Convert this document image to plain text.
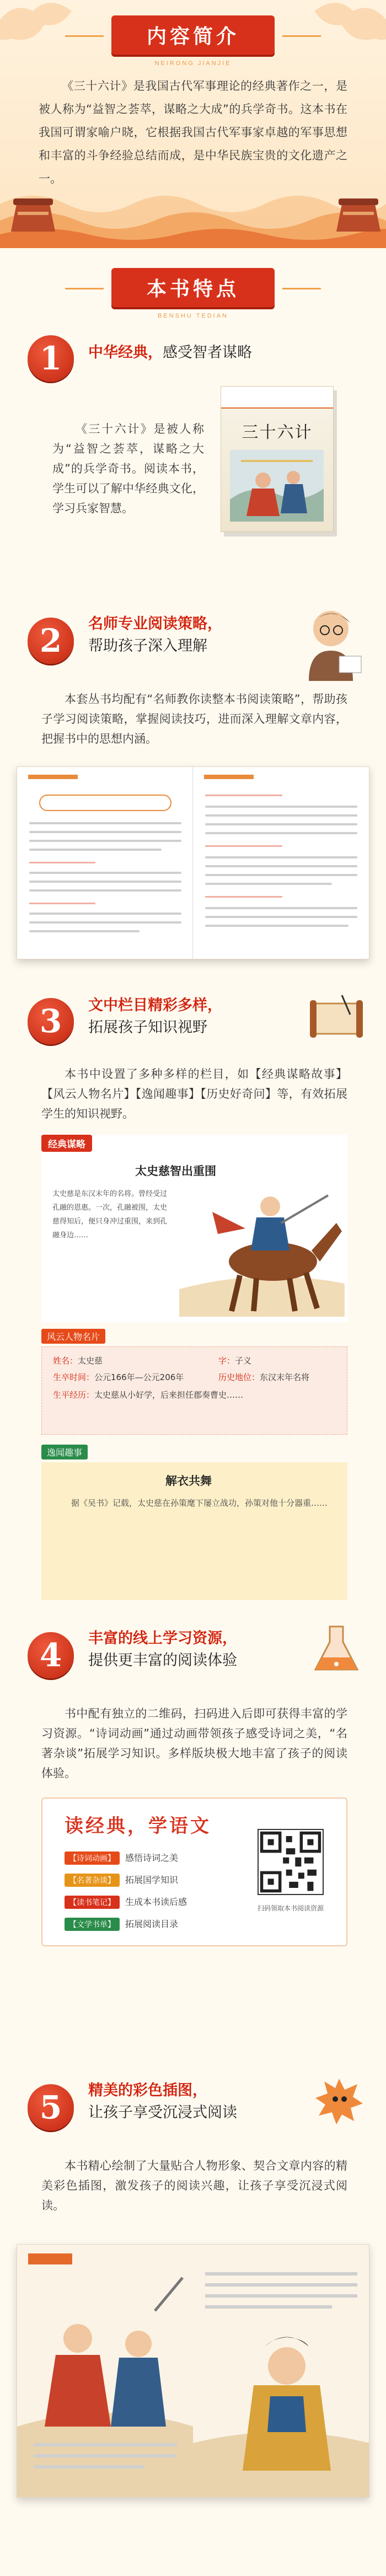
内容简介
NEIRONG JIANJIE

《三十六计》是我国古代军事理论的经典著作之一，是被人称为“益智之荟萃，谋略之大成”的兵学奇书。这本书在我国可谓家喻户晓，它根据我国古代军事家卓越的军事思想和丰富的斗争经验总结而成，是中华民族宝贵的文化遗产之一。

本书特点
BENSHU TEDIAN
1	中华经典，感受智者谋略

《三十六计》是被人称为“益智之荟萃，谋略之大成”的兵学奇书。阅读本书，学生可以了解中华经典文化，学习兵家智慧。

三十六计
2	名师专业阅读策略，
帮助孩子深入理解

本套丛书均配有“名师教你读整本书阅读策略”，帮助孩子学习阅读策略，掌握阅读技巧，进而深入理解文章内容，把握书中的思想内涵。

3	文中栏目精彩多样，
拓展孩子知识视野

本书中设置了多种多样的栏目，如【经典谋略故事】【风云人物名片】【逸闻趣事】【历史好奇问】等，有效拓展学生的知识视野。

经典谋略
太史慈智出重围

太史慈是东汉末年的名将。曾经受过孔融的恩惠。一次，孔融被围，太史慈得知后，便只身冲过重围，来到孔融身边……

风云人物名片
姓名：太史慈	字：子义
生卒时间：公元166年—公元206年	历史地位：东汉末年名将
生平经历：太史慈从小好学，后来担任郡奏曹史……
逸闻趣事
解衣共舞

据《吴书》记载，太史慈在孙策麾下屡立战功，孙策对他十分器重……

4	丰富的线上学习资源，
提供更丰富的阅读体验

书中配有独立的二维码，扫码进入后即可获得丰富的学习资源。“诗词动画”通过动画带领孩子感受诗词之美，“名著杂谈”拓展学习知识。多样版块极大地丰富了孩子的阅读体验。

读经典，学语文
【诗词动画】 感悟诗词之美
【名著杂谈】 拓展国学知识
【读书笔记】 生成本书读后感
【文学书单】 拓展阅读目录
扫码领取本书阅读资源
5	精美的彩色插图，
让孩子享受沉浸式阅读

本书精心绘制了大量贴合人物形象、契合文章内容的精美彩色插图，激发孩子的阅读兴趣，让孩子享受沉浸式阅读。
